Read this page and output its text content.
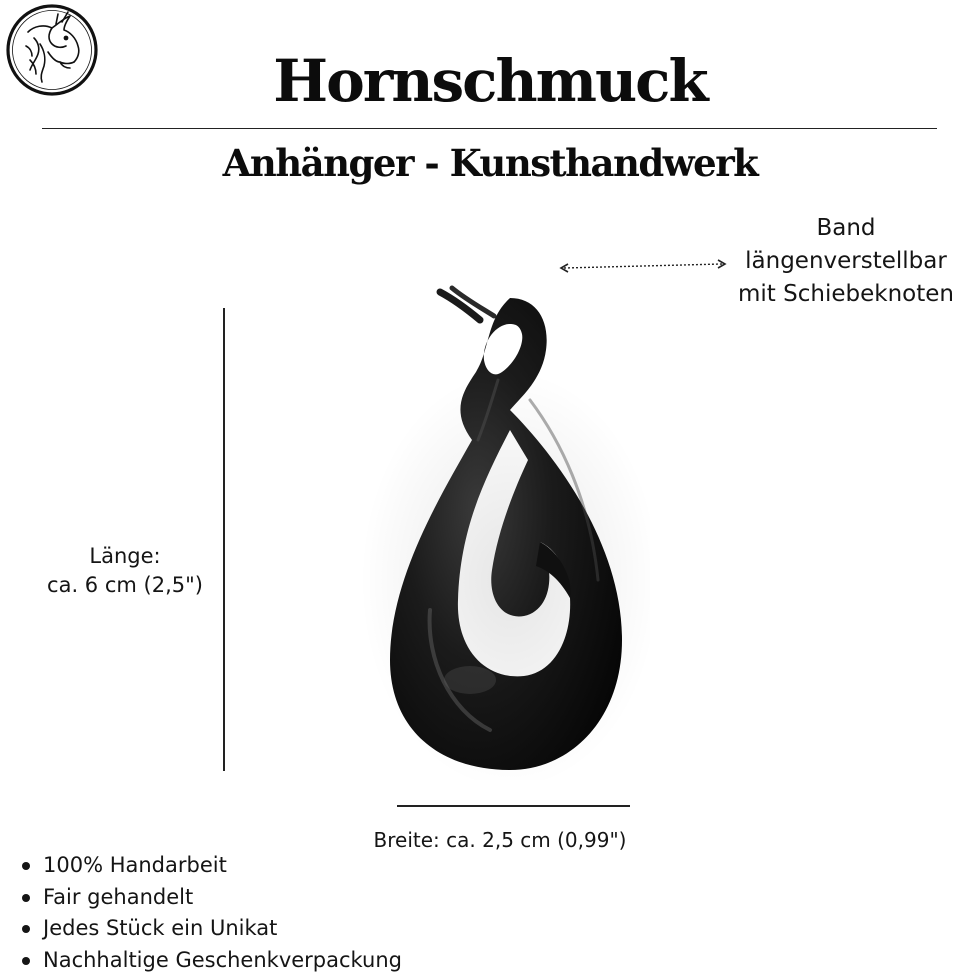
Hornschmuck
Anhänger - Kunsthandwerk
Band
längenverstellbar
mit Schiebeknoten
Länge:
ca. 6 cm (2,5")
Breite: ca. 2,5 cm (0,99")
100% Handarbeit
Fair gehandelt
Jedes Stück ein Unikat
Nachhaltige Geschenkverpackung
